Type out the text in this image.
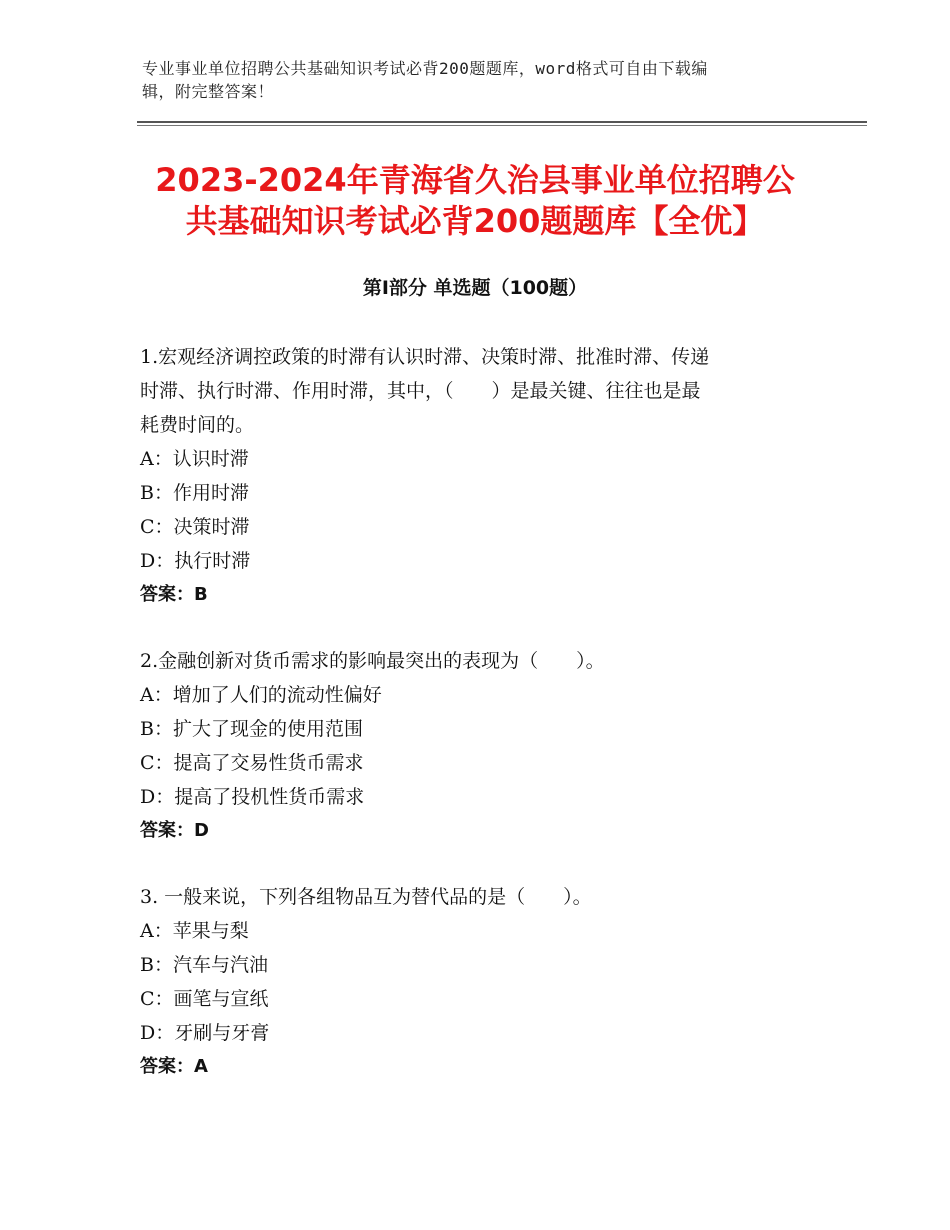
专业事业单位招聘公共基础知识考试必背200题题库，word格式可自由下载编
辑，附完整答案！
2023-2024年青海省久治县事业单位招聘公
共基础知识考试必背200题题库【全优】
第Ⅰ部分 单选题（100题）

1.宏观经济调控政策的时滞有认识时滞、决策时滞、批准时滞、传递

时滞、执行时滞、作用时滞，其中，（　　）是最关键、往往也是最

耗费时间的。

A：认识时滞

B：作用时滞

C：决策时滞

D：执行时滞

答案：B

2.金融创新对货币需求的影响最突出的表现为（　　）。

A：增加了人们的流动性偏好

B：扩大了现金的使用范围

C：提高了交易性货币需求

D：提高了投机性货币需求

答案：D

3. 一般来说，下列各组物品互为替代品的是（　　）。

A：苹果与梨

B：汽车与汽油

C：画笔与宣纸

D：牙刷与牙膏

答案：A
